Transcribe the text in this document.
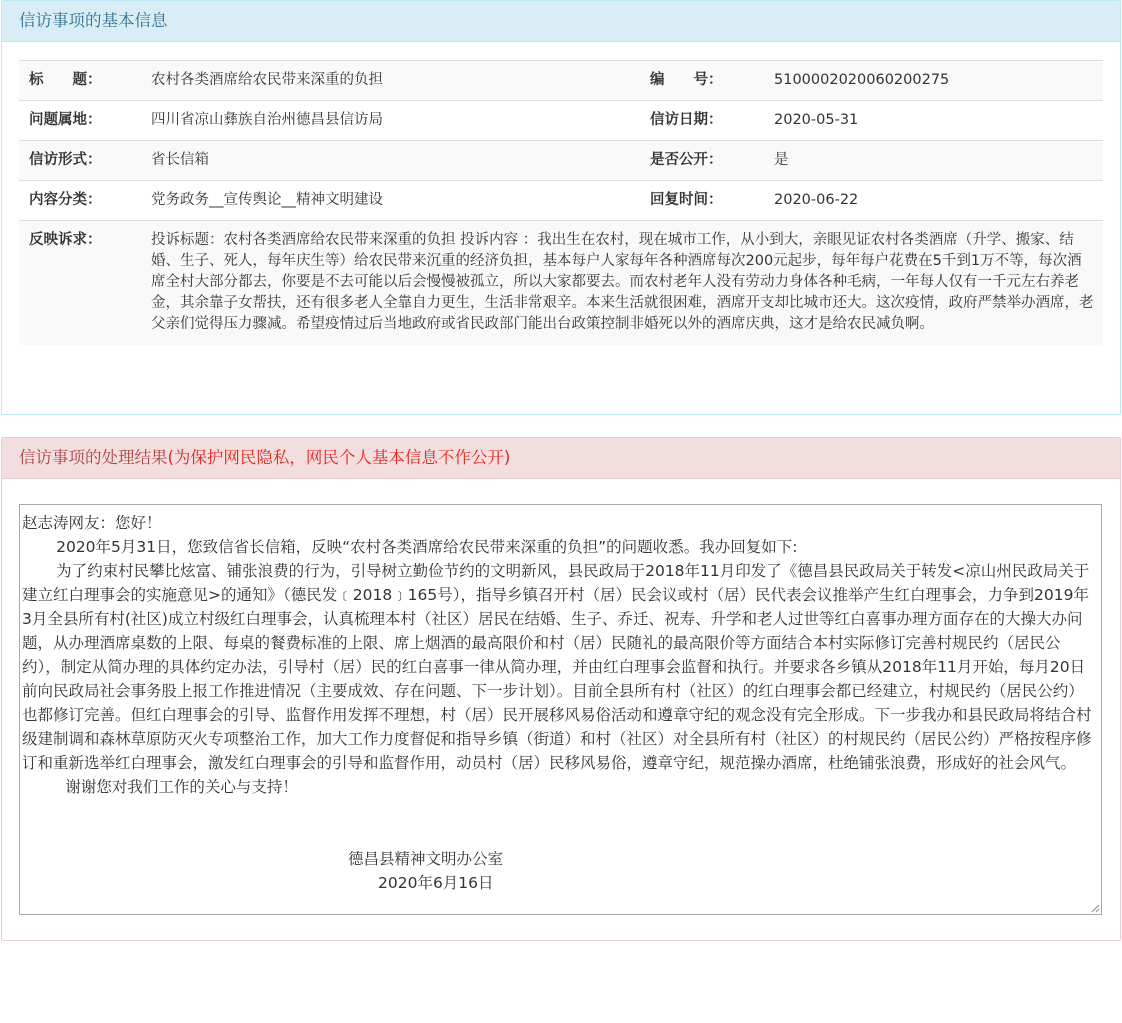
信访事项的基本信息
标　　题：	农村各类酒席给农民带来深重的负担	编　　号：	5100002020060200275
问题属地：	四川省凉山彝族自治州德昌县信访局	信访日期：	2020-05-31
信访形式：	省长信箱	是否公开：	是
内容分类：	党务政务__宣传舆论__精神文明建设	回复时间：	2020-06-22
反映诉求：	投诉标题：农村各类酒席给农民带来深重的负担 投诉内容 ：我出生在农村，现在城市工作，从小到大，亲眼见证农村各类酒席（升学、搬家、结婚、生子、死人，每年庆生等）给农民带来沉重的经济负担，基本每户人家每年各种酒席每次200元起步，每年每户花费在5千到1万不等，每次酒席全村大部分都去，你要是不去可能以后会慢慢被孤立，所以大家都要去。而农村老年人没有劳动力身体各种毛病，一年每人仅有一千元左右养老金，其余靠子女帮扶，还有很多老人全靠自力更生，生活非常艰辛。本来生活就很困难，酒席开支却比城市还大。这次疫情，政府严禁举办酒席，老父亲们觉得压力骤减。希望疫情过后当地政府或省民政部门能出台政策控制非婚死以外的酒席庆典，这才是给农民减负啊。		
信访事项的处理结果(为保护网民隐私，网民个人基本信息不作公开)

赵志涛网友：您好！

2020年5月31日，您致信省长信箱，反映“农村各类酒席给农民带来深重的负担”的问题收悉。我办回复如下:

为了约束村民攀比炫富、铺张浪费的行为，引导树立勤俭节约的文明新风，县民政局于2018年11月印发了《德昌县民政局关于转发<凉山州民政局关于建立红白理事会的实施意见>的通知》（德民发﹝2018﹞165号），指导乡镇召开村（居）民会议或村（居）民代表会议推举产生红白理事会，力争到2019年3月全县所有村(社区)成立村级红白理事会，认真梳理本村（社区）居民在结婚、生子、乔迁、祝寿、升学和老人过世等红白喜事办理方面存在的大操大办问题，从办理酒席桌数的上限、每桌的餐费标准的上限、席上烟酒的最高限价和村（居）民随礼的最高限价等方面结合本村实际修订完善村规民约（居民公约），制定从简办理的具体约定办法，引导村（居）民的红白喜事一律从简办理，并由红白理事会监督和执行。并要求各乡镇从2018年11月开始，每月20日前向民政局社会事务股上报工作推进情况（主要成效、存在问题、下一步计划）。目前全县所有村（社区）的红白理事会都已经建立，村规民约（居民公约）也都修订完善。但红白理事会的引导、监督作用发挥不理想，村（居）民开展移风易俗活动和遵章守纪的观念没有完全形成。下一步我办和县民政局将结合村级建制调和森林草原防灭火专项整治工作，加大工作力度督促和指导乡镇（街道）和村（社区）对全县所有村（社区）的村规民约（居民公约）严格按程序修订和重新选举红白理事会，激发红白理事会的引导和监督作用，动员村（居）民移风易俗，遵章守纪，规范操办酒席，杜绝铺张浪费，形成好的社会风气。

谢谢您对我们工作的关心与支持！

德昌县精神文明办公室

2020年6月16日
